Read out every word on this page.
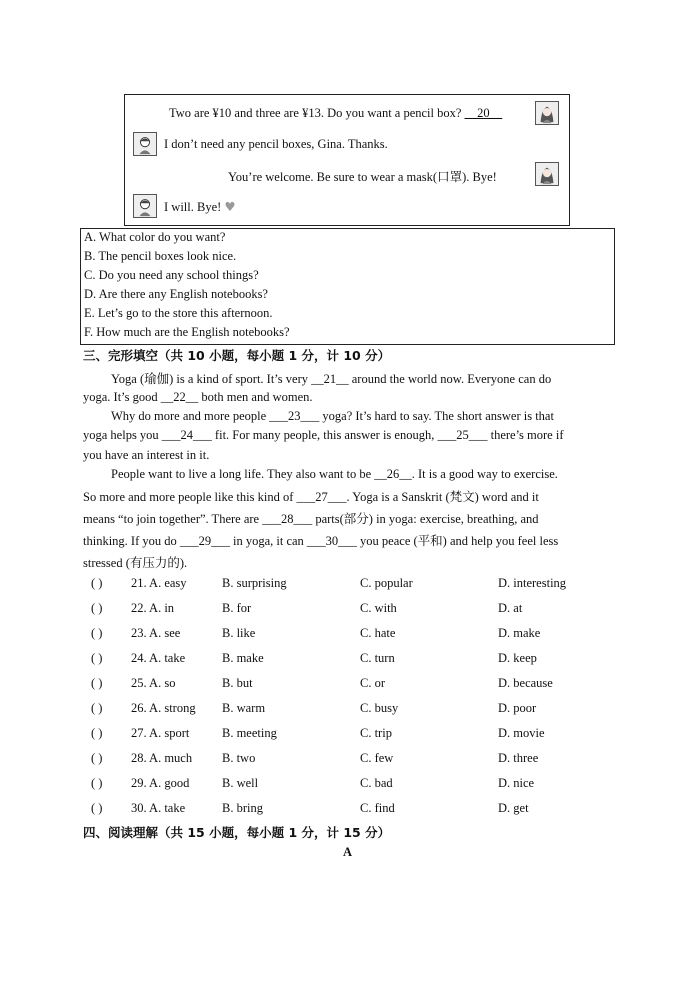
Two are ¥10 and three are ¥13. Do you want a pencil box? __20__
I don’t need any pencil boxes, Gina. Thanks.
You’re welcome. Be sure to wear a mask(口罩). Bye!
I will. Bye! ♥
A. What color do you want?
B. The pencil boxes look nice.
C. Do you need any school things?
D. Are there any English notebooks?
E. Let’s go to the store this afternoon.
F. How much are the English notebooks?
三、完形填空（共 10 小题，每小题 1 分，计 10 分）
Yoga (瑜伽) is a kind of sport. It’s very __21__ around the world now. Everyone can do
yoga. It’s good __22__ both men and women.
Why do more and more people ___23___ yoga? It’s hard to say. The short answer is that
yoga helps you ___24___ fit. For many people, this answer is enough, ___25___ there’s more if
you have an interest in it.
People want to live a long life. They also want to be __26__. It is a good way to exercise.
So more and more people like this kind of ___27___. Yoga is a Sanskrit (梵文) word and it
means “to join together”. There are ___28___ parts(部分) in yoga: exercise, breathing, and
thinking. If you do ___29___ in yoga, it can ___30___ you peace (平和) and help you feel less
stressed (有压力的).
( ) 21. A. easy	B. surprising	C. popular	D. interesting
( ) 22. A. in	B. for	C. with	D. at
( ) 23. A. see	B. like	C. hate	D. make
( ) 24. A. take	B. make	C. turn	D. keep
( ) 25. A. so	B. but	C. or	D. because
( ) 26. A. strong B. warm	C. busy	D. poor
( ) 27. A. sport	B. meeting	C. trip	D. movie
( ) 28. A. much B. two	C. few	D. three
( ) 29. A. good	B. well	C. bad	D. nice
( ) 30. A. take	B. bring	C. find	D. get
四、阅读理解（共 15 小题，每小题 1 分，计 15 分）
A
